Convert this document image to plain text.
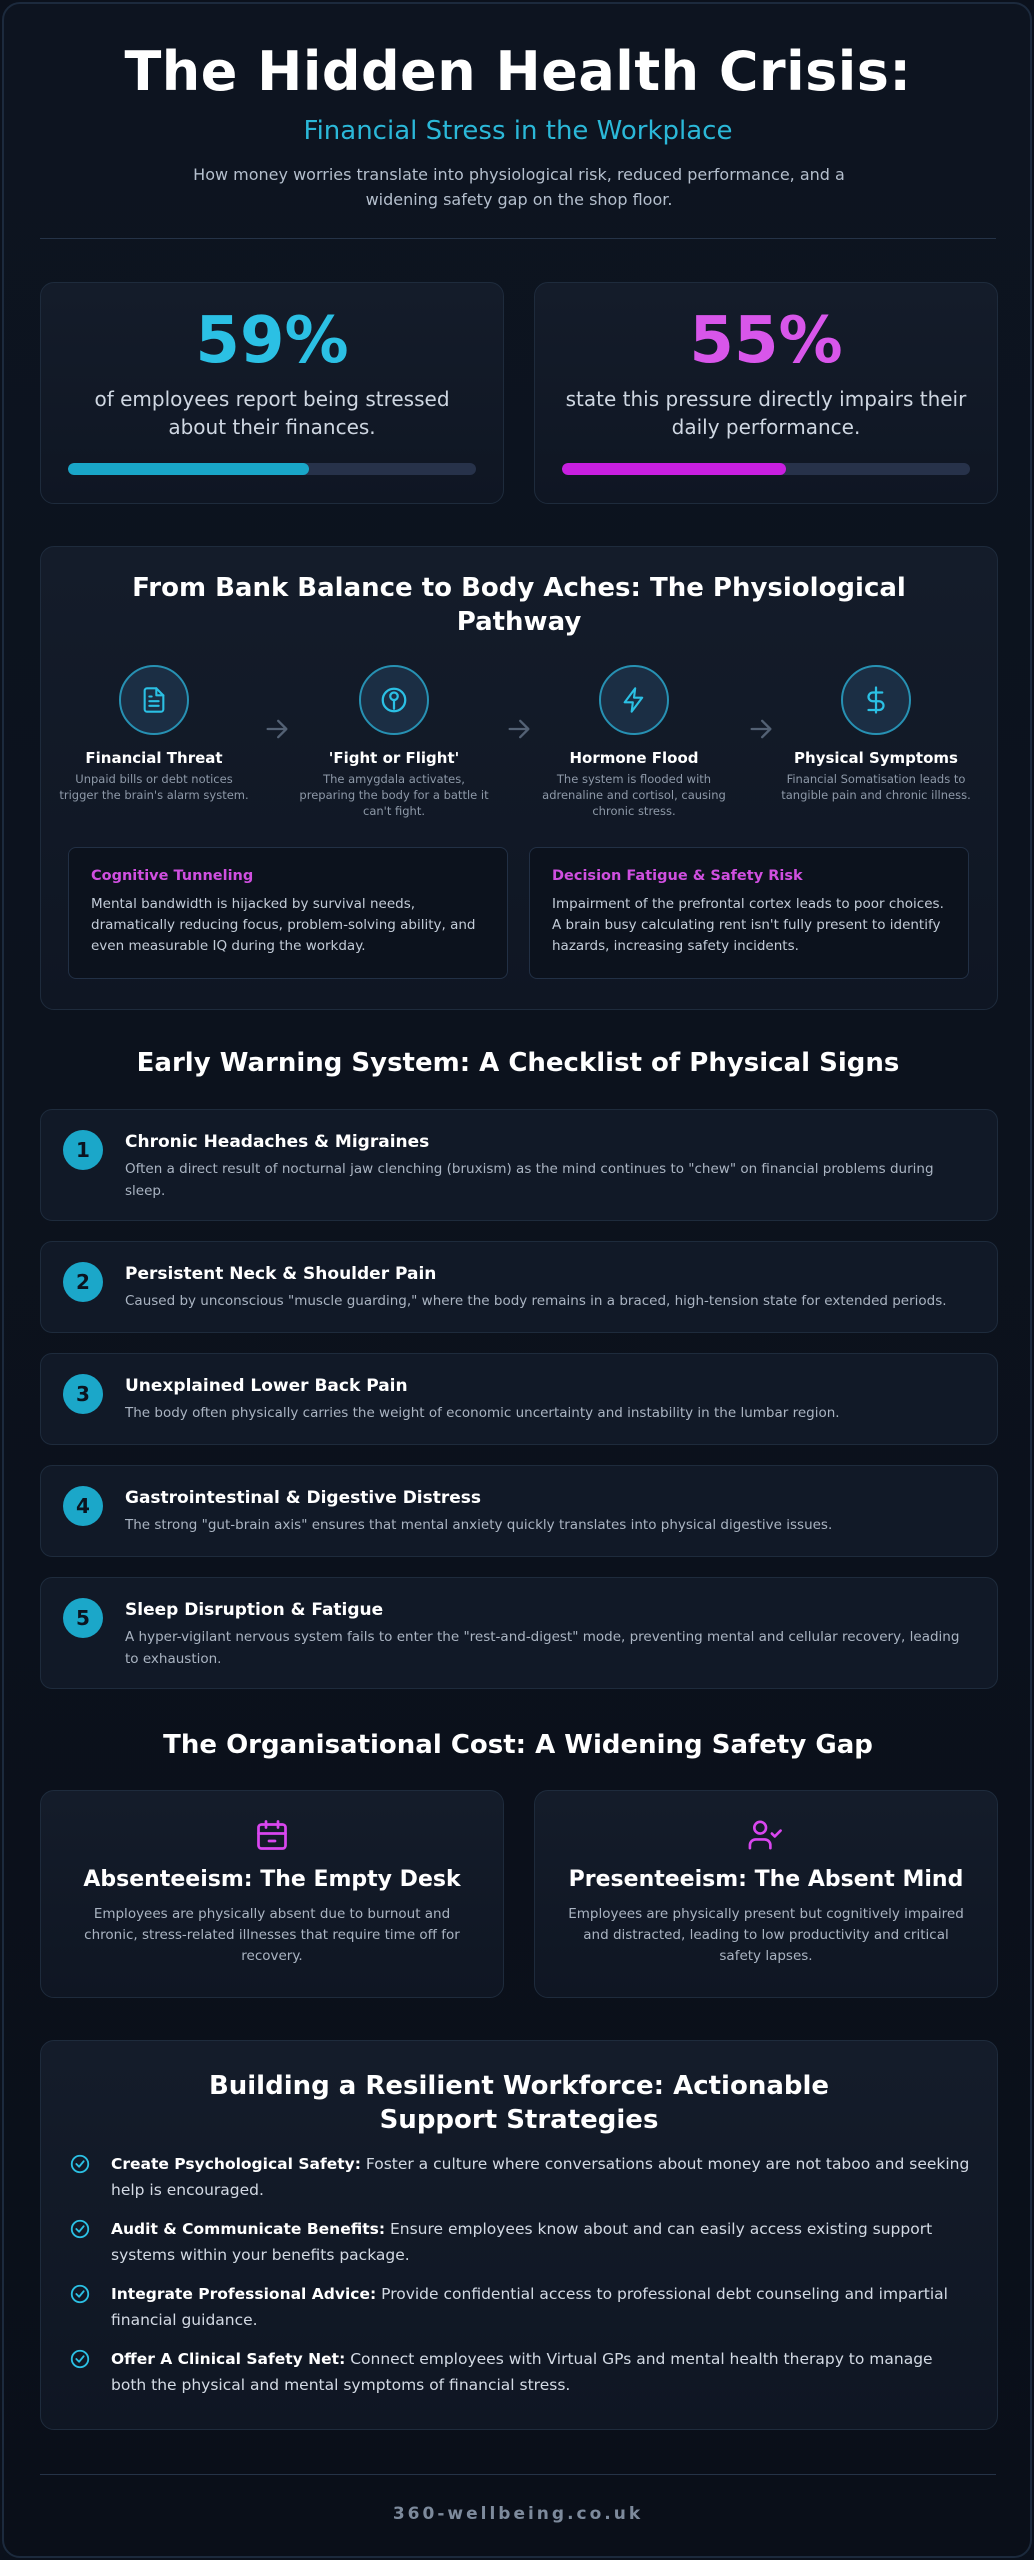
The Hidden Health Crisis:
Financial Stress in the Workplace
How money worries translate into physiological risk, reduced performance, and a widening safety gap on the shop floor.
59%
of employees report being stressed about their finances.
55%
state this pressure directly impairs their daily performance.
From Bank Balance to Body Aches: The Physiological Pathway
Financial Threat
Unpaid bills or debt notices trigger the brain's alarm system.
'Fight or Flight'
The amygdala activates, preparing the body for a battle it can't fight.
Hormone Flood
The system is flooded with adrenaline and cortisol, causing chronic stress.
Physical Symptoms
Financial Somatisation leads to tangible pain and chronic illness.
Cognitive Tunneling
Mental bandwidth is hijacked by survival needs, dramatically reducing focus, problem-solving ability, and even measurable IQ during the workday.
Decision Fatigue & Safety Risk
Impairment of the prefrontal cortex leads to poor choices. A brain busy calculating rent isn't fully present to identify hazards, increasing safety incidents.
Early Warning System: A Checklist of Physical Signs
1	Chronic Headaches & Migraines
Often a direct result of nocturnal jaw clenching (bruxism) as the mind continues to "chew" on financial problems during sleep.
2	Persistent Neck & Shoulder Pain
Caused by unconscious "muscle guarding," where the body remains in a braced, high-tension state for extended periods.
3	Unexplained Lower Back Pain
The body often physically carries the weight of economic uncertainty and instability in the lumbar region.
4	Gastrointestinal & Digestive Distress
The strong "gut-brain axis" ensures that mental anxiety quickly translates into physical digestive issues.
5	Sleep Disruption & Fatigue
A hyper-vigilant nervous system fails to enter the "rest-and-digest" mode, preventing mental and cellular recovery, leading to exhaustion.
The Organisational Cost: A Widening Safety Gap
Absenteeism: The Empty Desk
Employees are physically absent due to burnout and chronic, stress-related illnesses that require time off for recovery.
Presenteeism: The Absent Mind
Employees are physically present but cognitively impaired and distracted, leading to low productivity and critical safety lapses.
Building a Resilient Workforce: Actionable Support Strategies
Create Psychological Safety: Foster a culture where conversations about money are not taboo and seeking help is encouraged.
Audit & Communicate Benefits: Ensure employees know about and can easily access existing support systems within your benefits package.
Integrate Professional Advice: Provide confidential access to professional debt counseling and impartial financial guidance.
Offer A Clinical Safety Net: Connect employees with Virtual GPs and mental health therapy to manage both the physical and mental symptoms of financial stress.
360-wellbeing.co.uk
